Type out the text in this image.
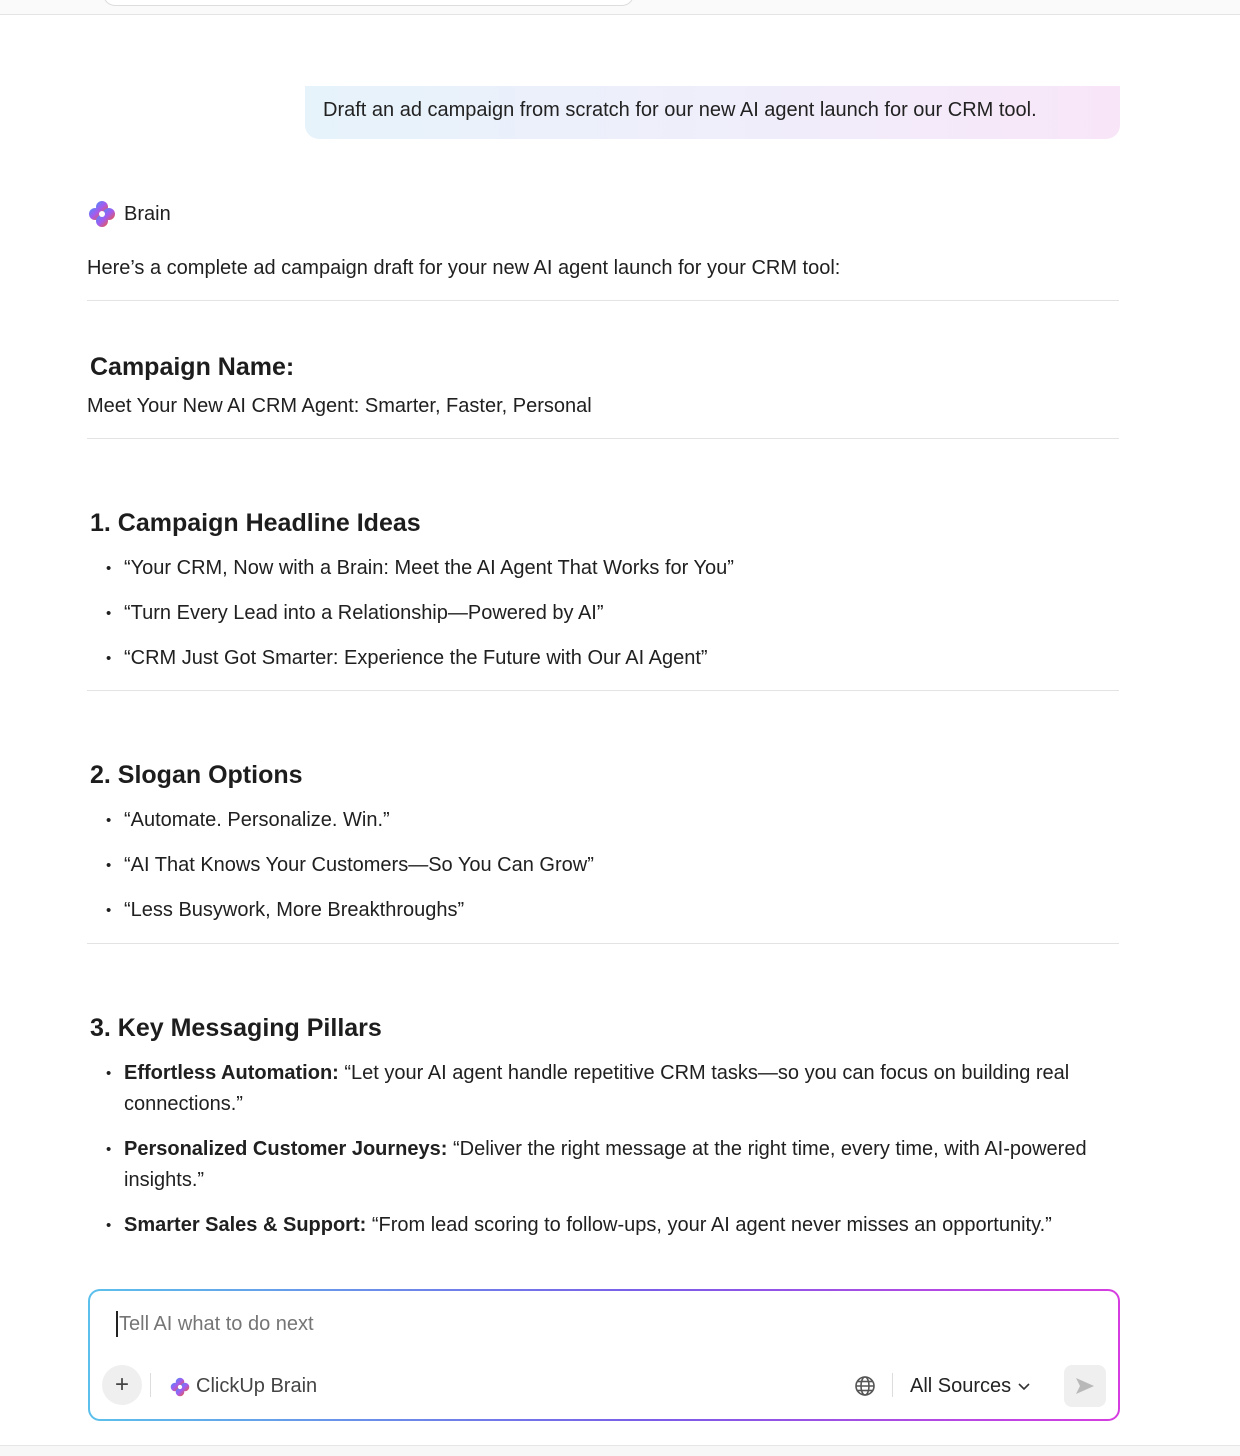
Draft an ad campaign from scratch for our new AI agent launch for our CRM tool.
Brain
Here’s a complete ad campaign draft for your new AI agent launch for your CRM tool:
Campaign Name:
Meet Your New AI CRM Agent: Smarter, Faster, Personal
1. Campaign Headline Ideas
• “Your CRM, Now with a Brain: Meet the AI Agent That Works for You”
• “Turn Every Lead into a Relationship—Powered by AI”
• “CRM Just Got Smarter: Experience the Future with Our AI Agent”
2. Slogan Options
• “Automate. Personalize. Win.”
• “AI That Knows Your Customers—So You Can Grow”
• “Less Busywork, More Breakthroughs”
3. Key Messaging Pillars
• Effortless Automation: “Let your AI agent handle repetitive CRM tasks—so you can focus on building real connections.”
• Personalized Customer Journeys: “Deliver the right message at the right time, every time, with AI-powered insights.”
• Smarter Sales & Support: “From lead scoring to follow-ups, your AI agent never misses an opportunity.”
Tell AI what to do next
+	ClickUp Brain	All Sources
